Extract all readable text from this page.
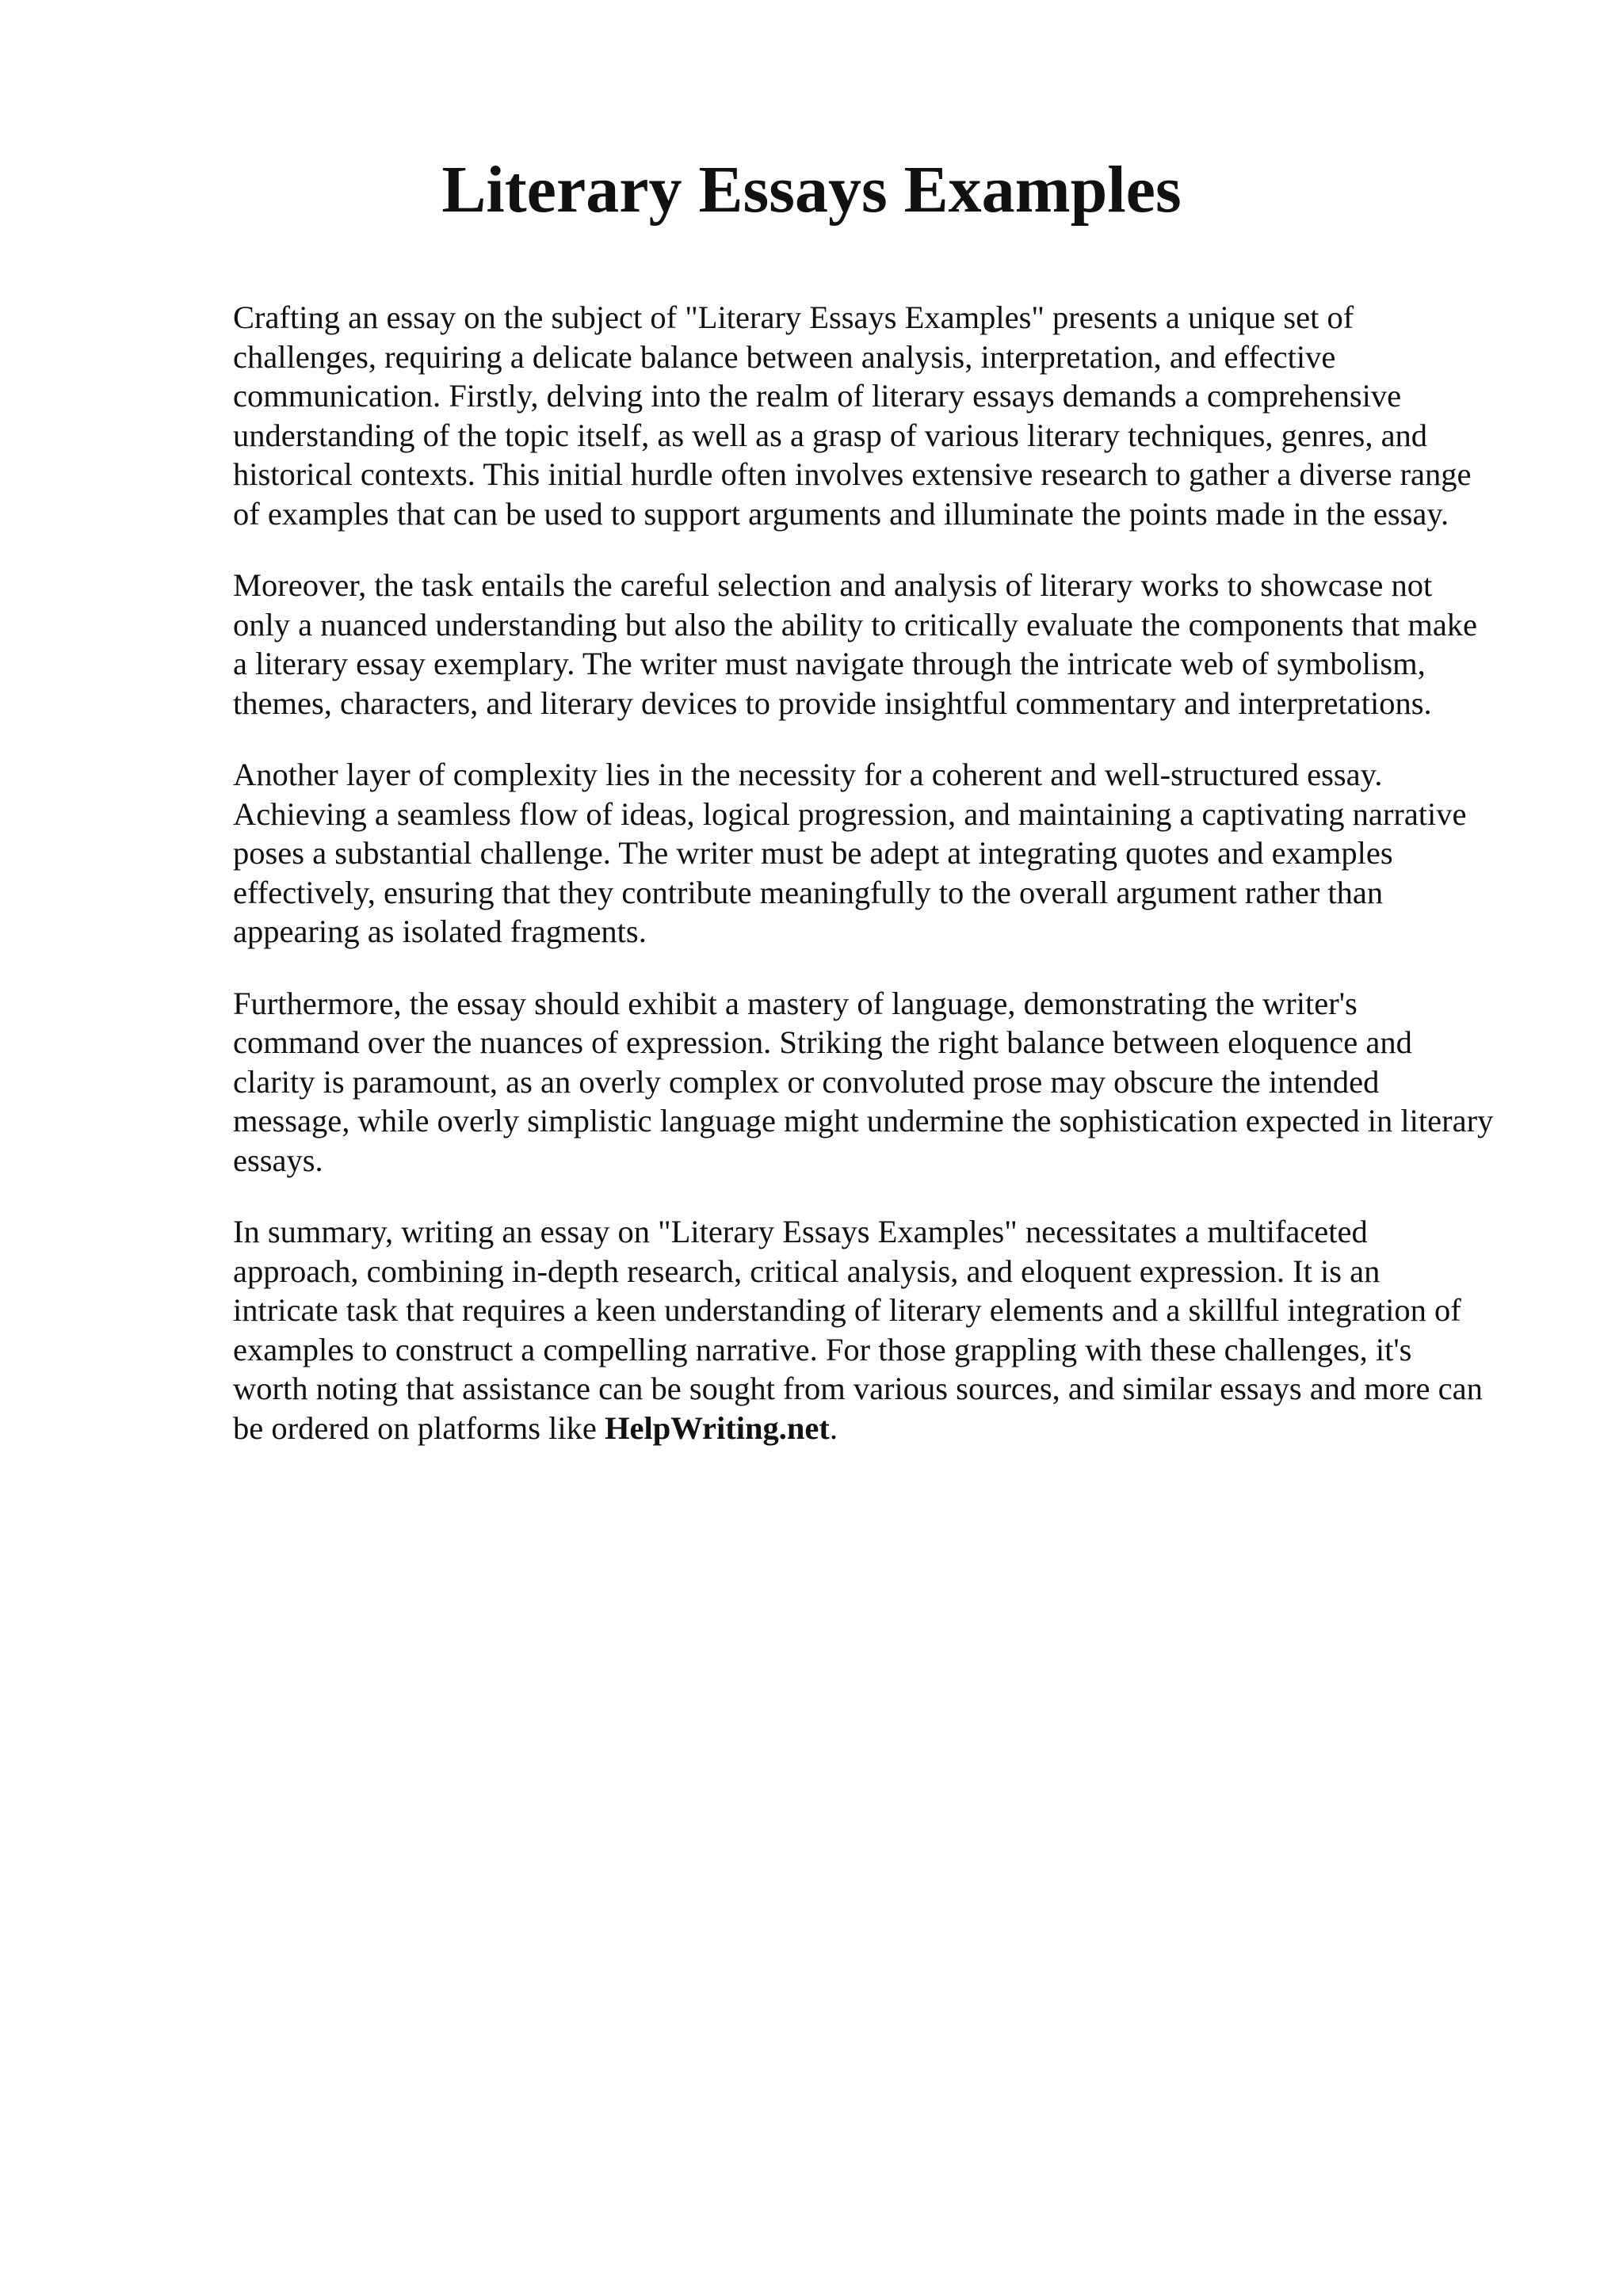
Literary Essays Examples

Crafting an essay on the subject of "Literary Essays Examples" presents a unique set of
challenges, requiring a delicate balance between analysis, interpretation, and effective
communication. Firstly, delving into the realm of literary essays demands a comprehensive
understanding of the topic itself, as well as a grasp of various literary techniques, genres, and
historical contexts. This initial hurdle often involves extensive research to gather a diverse range
of examples that can be used to support arguments and illuminate the points made in the essay.

Moreover, the task entails the careful selection and analysis of literary works to showcase not
only a nuanced understanding but also the ability to critically evaluate the components that make
a literary essay exemplary. The writer must navigate through the intricate web of symbolism,
themes, characters, and literary devices to provide insightful commentary and interpretations.

Another layer of complexity lies in the necessity for a coherent and well-structured essay.
Achieving a seamless flow of ideas, logical progression, and maintaining a captivating narrative
poses a substantial challenge. The writer must be adept at integrating quotes and examples
effectively, ensuring that they contribute meaningfully to the overall argument rather than
appearing as isolated fragments.

Furthermore, the essay should exhibit a mastery of language, demonstrating the writer's
command over the nuances of expression. Striking the right balance between eloquence and
clarity is paramount, as an overly complex or convoluted prose may obscure the intended
message, while overly simplistic language might undermine the sophistication expected in literary
essays.

In summary, writing an essay on "Literary Essays Examples" necessitates a multifaceted
approach, combining in-depth research, critical analysis, and eloquent expression. It is an
intricate task that requires a keen understanding of literary elements and a skillful integration of
examples to construct a compelling narrative. For those grappling with these challenges, it's
worth noting that assistance can be sought from various sources, and similar essays and more can
be ordered on platforms like HelpWriting.net.
